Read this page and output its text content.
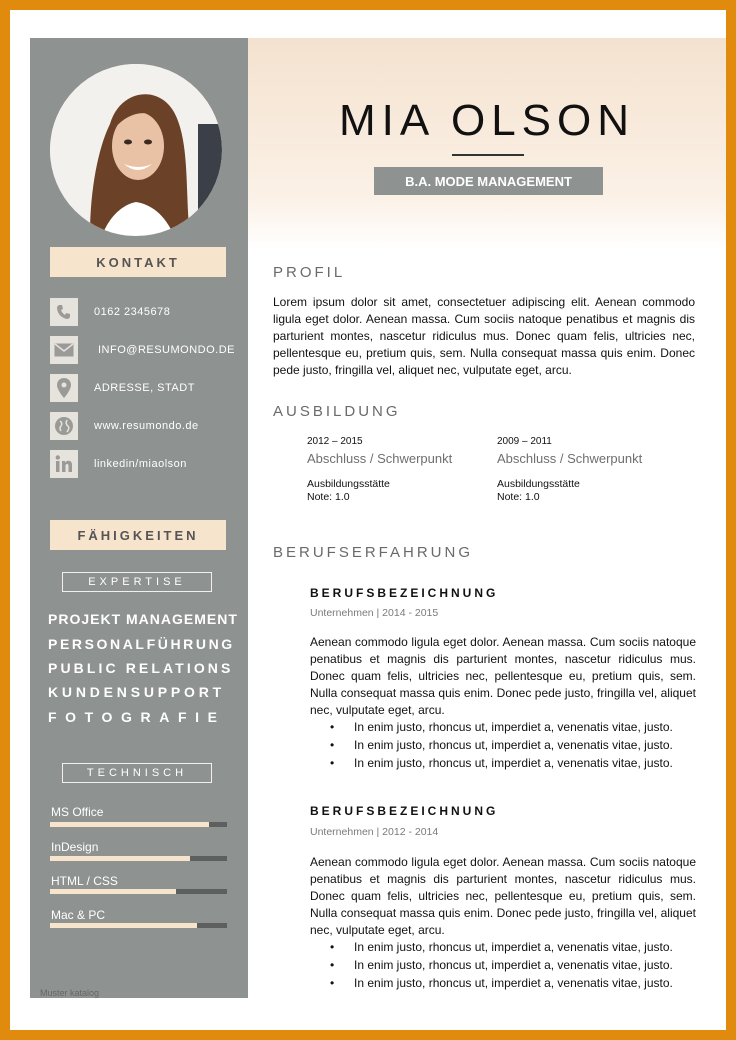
KONTAKT
0162 2345678
INFO@RESUMONDO.DE
ADRESSE, STADT
www.resumondo.de
linkedin/miaolson
FÄHIGKEITEN
EXPERTISE
PROJEKT MANAGEMENT
PERSONALFÜHRUNG
PUBLIC RELATIONS
KUNDENSUPPORT
FOTOGRAFIE
TECHNISCH
MS Office
InDesign
HTML / CSS
Mac & PC
Muster katalog
MIA OLSON
B.A. MODE MANAGEMENT
PROFIL
Lorem ipsum dolor sit amet, consectetuer adipiscing elit. Aenean commodo ligula eget dolor. Aenean massa. Cum sociis natoque penatibus et magnis dis parturient montes, nascetur ridiculus mus. Donec quam felis, ultricies nec, pellentesque eu, pretium quis, sem. Nulla consequat massa quis enim. Donec pede justo, fringilla vel, aliquet nec, vulputate eget, arcu.
AUSBILDUNG
2012 – 2015
Abschluss / Schwerpunkt
Ausbildungsstätte
Note: 1.0
2009 – 2011
Abschluss / Schwerpunkt
Ausbildungsstätte
Note: 1.0
BERUFSERFAHRUNG
BERUFSBEZEICHNUNG
Unternehmen | 2014 - 2015
Aenean commodo ligula eget dolor. Aenean massa. Cum sociis natoque penatibus et magnis dis parturient montes, nascetur ridiculus mus. Donec quam felis, ultricies nec, pellentesque eu, pretium quis, sem. Nulla consequat massa quis enim. Donec pede justo, fringilla vel, aliquet nec, vulputate eget, arcu.
• In enim justo, rhoncus ut, imperdiet a, venenatis vitae, justo.
• In enim justo, rhoncus ut, imperdiet a, venenatis vitae, justo.
• In enim justo, rhoncus ut, imperdiet a, venenatis vitae, justo.
BERUFSBEZEICHNUNG
Unternehmen | 2012 - 2014
Aenean commodo ligula eget dolor. Aenean massa. Cum sociis natoque penatibus et magnis dis parturient montes, nascetur ridiculus mus. Donec quam felis, ultricies nec, pellentesque eu, pretium quis, sem. Nulla consequat massa quis enim. Donec pede justo, fringilla vel, aliquet nec, vulputate eget, arcu.
• In enim justo, rhoncus ut, imperdiet a, venenatis vitae, justo.
• In enim justo, rhoncus ut, imperdiet a, venenatis vitae, justo.
• In enim justo, rhoncus ut, imperdiet a, venenatis vitae, justo.
